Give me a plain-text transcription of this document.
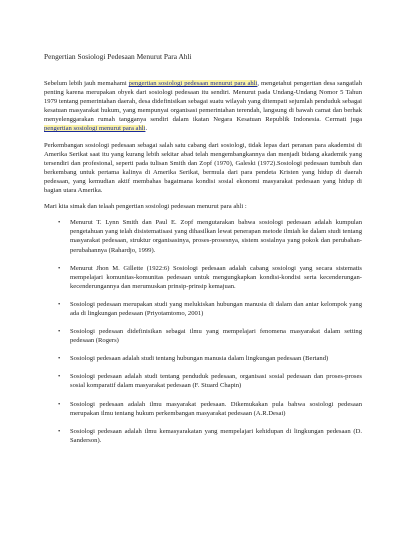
Pengertian Sosiologi Pedesaan Menurut Para Ahli

Sebelum lebih jauh memahami pengertian sosiologi pedesaan menurut para ahli, mengetahui pengertian desa sangatlah penting karena merupakan obyek dari sosiologi pedesaan itu sendiri. Menurut pada Undang-Undang Nomor 5 Tahun 1979 tentang pemerintahan daerah, desa didefinisikan sebagai suatu wilayah yang ditempati sejumlah penduduk sebagai kesatuan masyarakat hukum, yang mempunyai organisasi pemerintahan terendah, langsung di bawah camat dan berhak menyelenggarakan rumah tangganya sendiri dalam ikatan Negara Kesatuan Republik Indonesia. Cermati juga pengertian sosiologi menurut para ahli.

Perkembangan sosiologi pedesaan sebagai salah satu cabang dari sosiologi, tidak lepas dari peranan para akademisi di Amerika Serikat saat itu yang kurang lebih sekitar abad telah mengembangkannya dan menjadi bidang akademik yang tersendiri dan profesional, seperti pada tulisan Smith dan Zopf (1970), Galeski (1972).Sosiologi pedesaan tumbuh dan berkembang untuk pertama kalinya di Amerika Serikat, bermula dari para pendeta Kristen yang hidup di daerah pedesaan, yang kemudian aktif membahas bagaimana kondisi sosial ekonomi masyarakat pedesaan yang hidup di bagian utara Amerika.

Mari kita simak dan telaah pengertian sosiologi pedesaan menurut para ahli :

• Menurut T. Lynn Smith dan Paul E. Zopf mengutarakan bahwa sosiologi pedesaan adalah kumpulan pengetahuan yang telah disistematisasi yang dihasilkan lewat penerapan metode ilmiah ke dalam studi tentang masyarakat pedesaan, struktur organisasinya, proses-prosesnya, sistem sosialnya yang pokok dan perubahan-perubahannya (Rahardjo, 1999).
• Menurut Jhon M. Gillette (1922:6) Sosiologi pedesaan adalah cabang sosiologi yang secara sistematis mempelajari komunitas-komunitas pedesaan untuk mengungkapkan kondisi-kondisi serta kecenderungan-kecenderungannya dan merumuskan prinsip-prinsip kemajuan.
• Sosiologi pedesaan merupakan studi yang melukiskan hubungan manusia di dalam dan antar kelompok yang ada di lingkungan pedesaan (Priyotamtomo, 2001)
• Sosiologi pedesaan didefinisikan sebagai ilmu yang mempelajari fenomena masyarakat dalam setting pedesaan (Rogers)
• Sosiologi pedesaan adalah studi tentang hubungan manusia dalam lingkungan pedesaan (Bertand)
• Sosiologi pedesaan adalah studi tentang penduduk pedesaan, organisasi sosial pedesaan dan proses-proses sosial komparatif dalam masyarakat pedesaan (F. Stuard Chapin)
• Sosiologi pedesaan adalah ilmu masyarakat pedesaan. Dikemukakan pula bahwa sosiologi pedesaan merupakan ilmu tentang hukum perkembangan masyarakat pedesaan (A.R.Desai)
• Sosiologi pedesaan adalah ilmu kemasyarakatan yang mempelajari kehidupan di lingkungan pedesaan (D. Sanderson).
